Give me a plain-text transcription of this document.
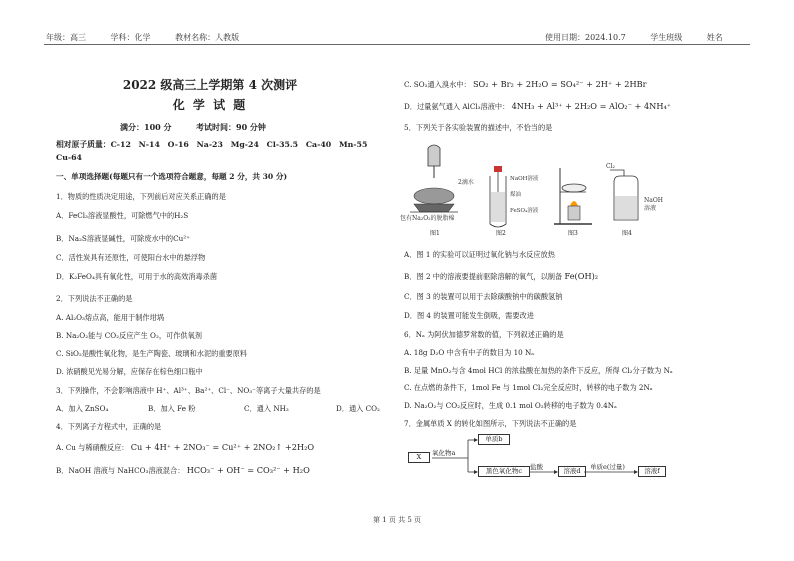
年级：高三	学科：化学	教材名称：人教版	使用日期：2024.10.7	学生班级	姓名
2022 级高三上学期第 4 次测评
化 学 试 题
满分：100 分	考试时间：90 分钟
相对原子质量：C-12　N-14　O-16　Na-23　Mg-24　Cl-35.5　Ca-40　Mn-55
Cu-64
一、单项选择题(每题只有一个选项符合题意，每题 2 分，共 30 分)
1．物质的性质决定用途，下列前后对应关系正确的是
A．FeCl₃溶液显酸性，可除燃气中的H₂S
B．Na₂S溶液显碱性，可除废水中的Cu²⁺
C．活性炭具有还原性，可使阳台水中的悬浮物
D．K₂FeO₄具有氧化性，可用于水的高效消毒杀菌
2．下列说法不正确的是
A. Al₂O₃熔点高，能用于制作坩埚
B. Na₂O₂能与 CO₂反应产生 O₂，可作供氧剂
C. SiO₂是酸性氧化物，是生产陶瓷、玻璃和水泥的重要原料
D. 浓硝酸见光易分解，应保存在棕色细口瓶中
3．下列操作，不会影响溶液中 H⁺、Al³⁺、Ba²⁺、Cl⁻、NO₃⁻等离子大量共存的是
A．加入 ZnSO₄	B．加入 Fe 粉	C．通入 NH₃	D．通入 CO₂
4．下列离子方程式中，正确的是
A. Cu 与稀硝酸反应： Cu + 4H⁺ + 2NO₃⁻ = Cu²⁺ + 2NO₂↑ +2H₂O
B．NaOH 溶液与 NaHCO₃溶液混合： HCO₃⁻ + OH⁻ = CO₃²⁻ + H₂O
C. SO₂通入溴水中： SO₂ + Br₂ + 2H₂O = SO₄²⁻ + 2H⁺ + 2HBr
D．过量氨气通入 AlCl₃溶液中： 4NH₃ + Al³⁺ + 2H₂O = AlO₂⁻ + 4NH₄⁺
5．下列关于各实验装置的描述中，不恰当的是
2滴水
包有Na₂O₂的脱脂棉
图1
NaOH溶液
煤油
FeSO₄溶液
图2	图3
Cl₂
NaOH
溶液
图4
A．图 1 的实验可以证明过氧化钠与水反应放热
B．图 2 中的溶液要提前驱除溶解的氧气，以制备 Fe(OH)₂
C．图 3 的装置可以用于去除碳酸钠中的碳酸氢钠
D．图 4 的装置可能发生倒吸，需要改进
6．Nₐ 为阿伏加德罗常数的值，下列叙述正确的是
A. 18g D₂O 中含有中子的数目为 10 Nₐ
B. 足量 MnO₂与含 4mol HCl 的浓盐酸在加热的条件下反应，所得 Cl₂分子数为 Nₐ
C. 在点燃的条件下，1mol Fe 与 1mol Cl₂完全反应时，转移的电子数为 2Nₐ
D. Na₂O₂与 CO₂反应时，生成 0.1 mol O₂转移的电子数为 0.4Nₐ
7．金属单质 X 的转化如图所示，下列说法不正确的是
X	氧化物a
单质b
黑色氧化物c	盐酸	溶液d	单质e(过量)	溶液f
第 1 页 共 5 页
